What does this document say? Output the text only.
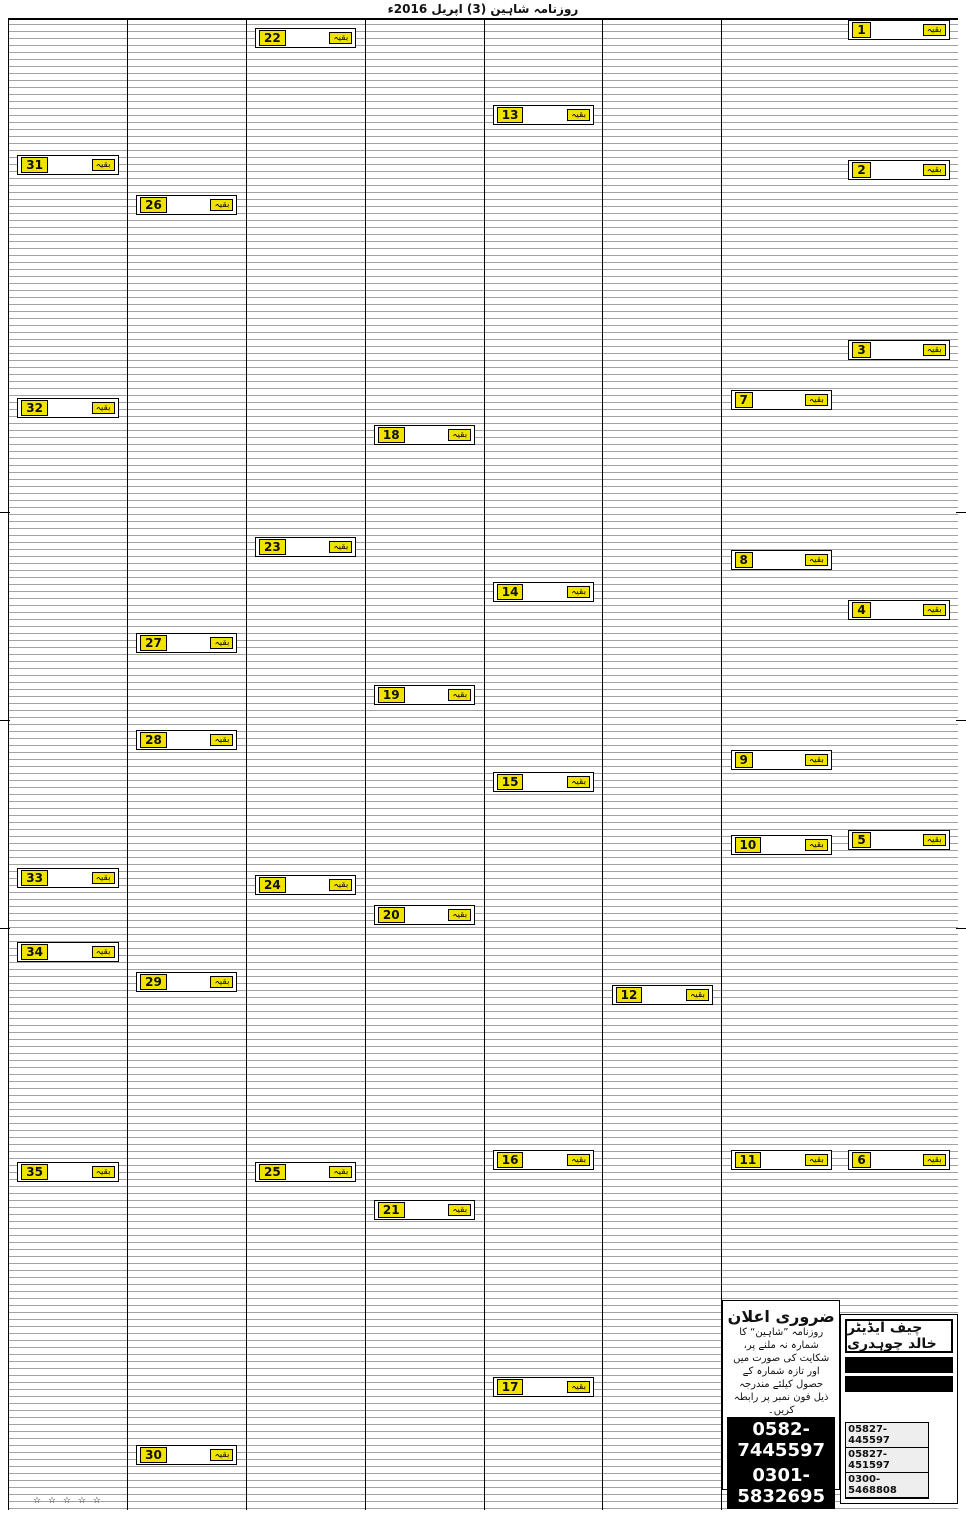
روزنامہ شاہین (3) اپریل 2016ء
1	بقیہ
2	بقیہ
3	بقیہ
4	بقیہ
5	بقیہ
6	بقیہ
چیف ایڈیٹر خالد چوہدری
05827-445597
05827-451597
0300-5468808
7	بقیہ
8	بقیہ
9	بقیہ
10	بقیہ
11	بقیہ
ضروری اعلان
روزنامہ ”شاہین“ کا شمارہ نہ ملنے پر، شکایت کی صورت میں اور تازہ شمارہ کے حصول کیلئے مندرجہ ذیل فون نمبر پر رابطہ کریں۔
0582-7445597
0301-5832695
12	بقیہ
13	بقیہ
14	بقیہ
15	بقیہ
16	بقیہ
17	بقیہ
18	بقیہ
19	بقیہ
20	بقیہ
21	بقیہ
22	بقیہ
23	بقیہ
24	بقیہ
25	بقیہ
26	بقیہ
27	بقیہ
28	بقیہ
29	بقیہ
30	بقیہ
31	بقیہ
32	بقیہ
33	بقیہ
34	بقیہ
35	بقیہ
☆ ☆ ☆ ☆ ☆
